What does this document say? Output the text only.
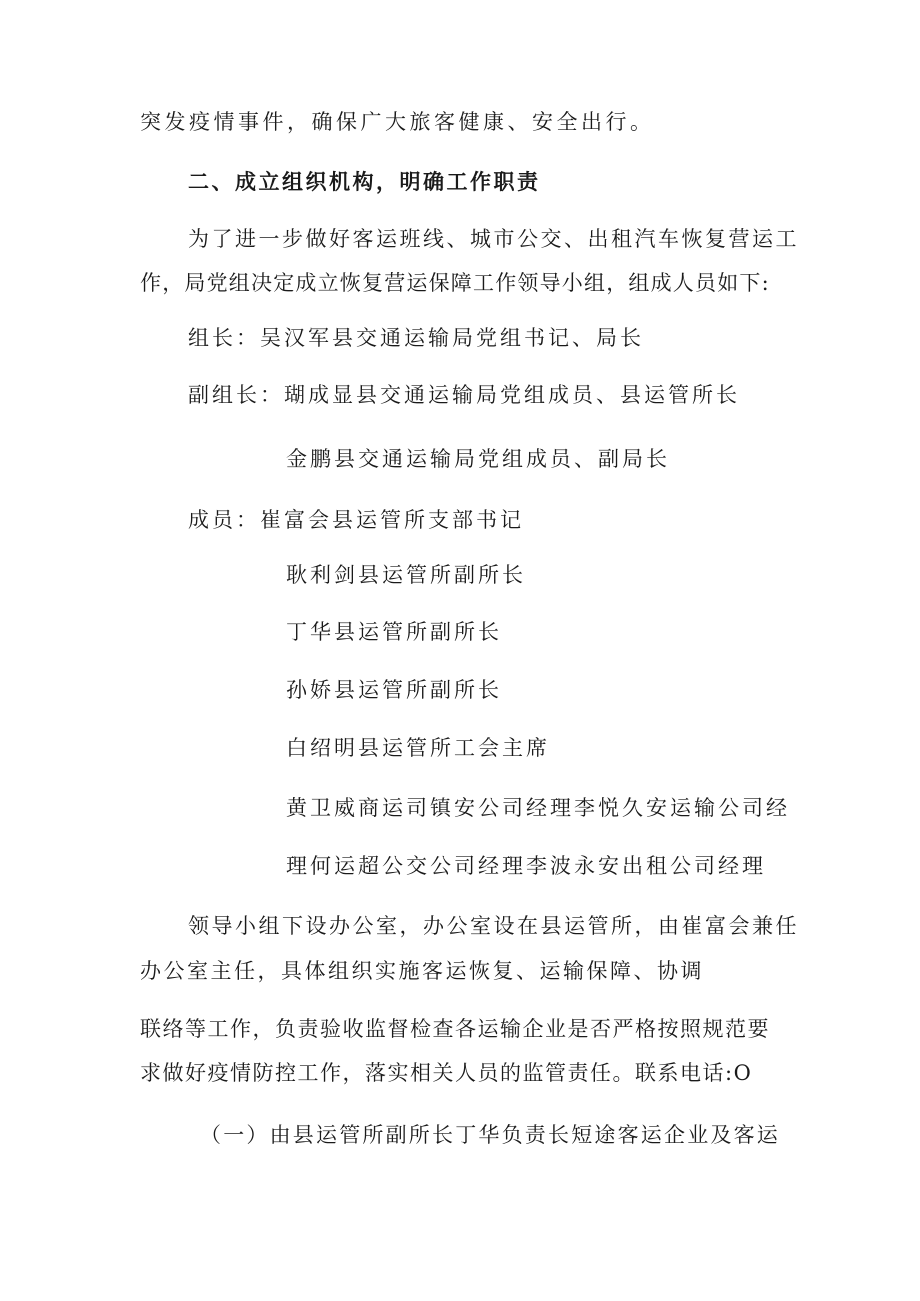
突发疫情事件，确保广大旅客健康、安全出行。
二、成立组织机构，明确工作职责
为了进一步做好客运班线、城市公交、出租汽车恢复营运工
作，局党组决定成立恢复营运保障工作领导小组，组成人员如下:
组长：吴汉军县交通运输局党组书记、局长
副组长：瑚成显县交通运输局党组成员、县运管所长
金鹏县交通运输局党组成员、副局长
成员：崔富会县运管所支部书记
耿利剑县运管所副所长
丁华县运管所副所长
孙娇县运管所副所长
白绍明县运管所工会主席
黄卫威商运司镇安公司经理李悦久安运输公司经
理何运超公交公司经理李波永安出租公司经理
领导小组下设办公室，办公室设在县运管所，由崔富会兼任
办公室主任，具体组织实施客运恢复、运输保障、协调
联络等工作，负责验收监督检查各运输企业是否严格按照规范要
求做好疫情防控工作，落实相关人员的监管责任。联系电话:O
（一）由县运管所副所长丁华负责长短途客运企业及客运
